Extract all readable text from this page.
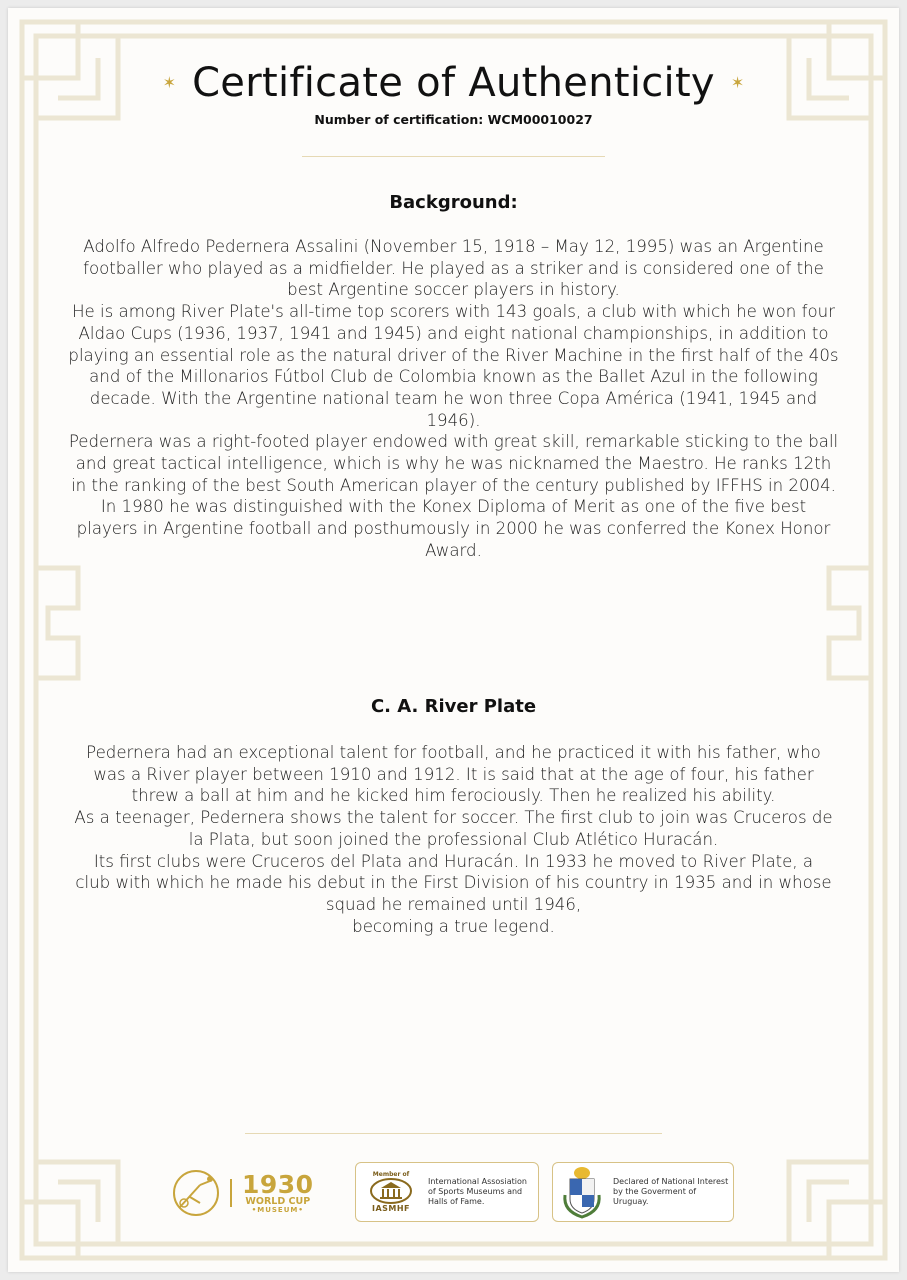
✶ Certificate of Authenticity ✶
Number of certification: WCM00010027
Background:

Adolfo Alfredo Pedernera Assalini (November 15, 1918 – May 12, 1995) was an Argentine footballer who played as a midfielder. He played as a striker and is considered one of the best Argentine soccer players in history.

He is among River Plate's all-time top scorers with 143 goals, a club with which he won four Aldao Cups (1936, 1937, 1941 and 1945) and eight national championships, in addition to playing an essential role as the natural driver of the River Machine in the first half of the 40s and of the Millonarios Fútbol Club de Colombia known as the Ballet Azul in the following decade. With the Argentine national team he won three Copa América (1941, 1945 and 1946).

Pedernera was a right-footed player endowed with great skill, remarkable sticking to the ball and great tactical intelligence, which is why he was nicknamed the Maestro. He ranks 12th in the ranking of the best South American player of the century published by IFFHS in 2004. In 1980 he was distinguished with the Konex Diploma of Merit as one of the five best players in Argentine football and posthumously in 2000 he was conferred the Konex Honor Award.

C. A. River Plate

Pedernera had an exceptional talent for football, and he practiced it with his father, who was a River player between 1910 and 1912. It is said that at the age of four, his father threw a ball at him and he kicked him ferociously. Then he realized his ability.

As a teenager, Pedernera shows the talent for soccer. The first club to join was Cruceros de la Plata, but soon joined the professional Club Atlético Huracán.

Its first clubs were Cruceros del Plata and Huracán. In 1933 he moved to River Plate, a club with which he made his debut in the First Division of his country in 1935 and in whose squad he remained until 1946,

becoming a true legend.

1930
WORLD CUP
•MUSEUM•
Member of
IASMHF
International Assosiation of Sports Museums and Halls of Fame.
Declared of National Interest by the Goverment of Uruguay.
